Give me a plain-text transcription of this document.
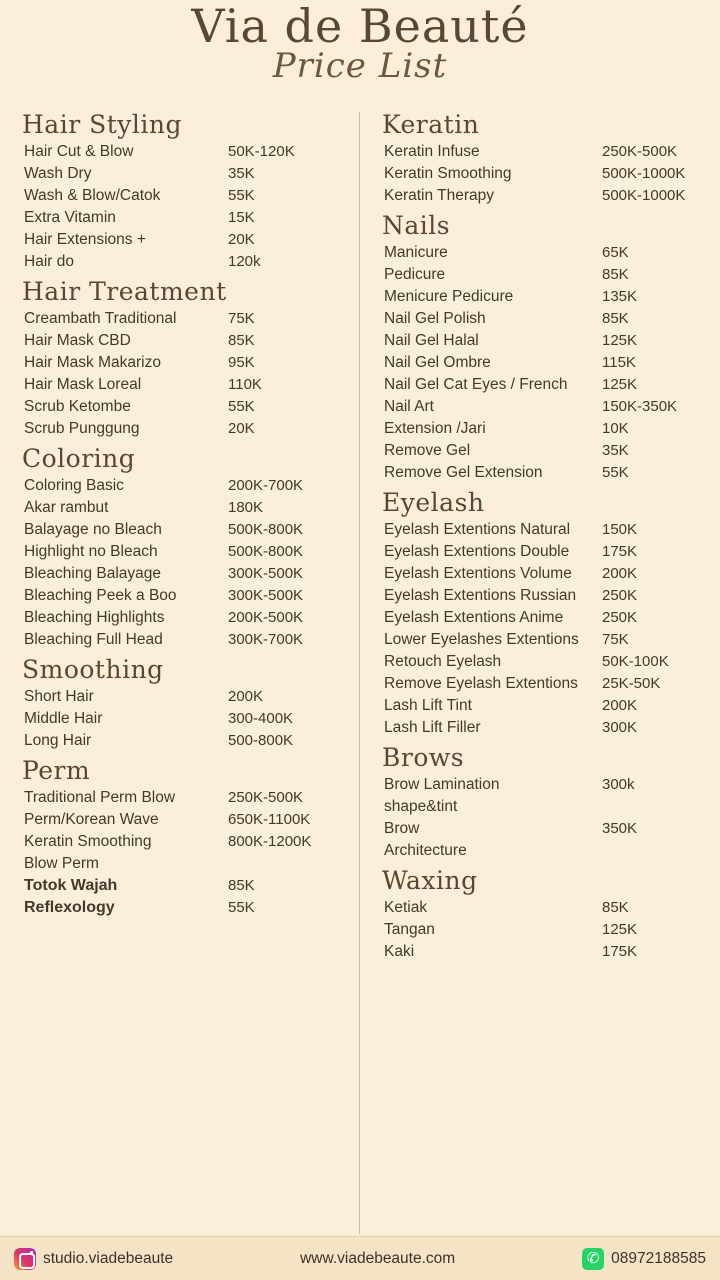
Via de Beauté
Price List
Hair Styling
Hair Cut & Blow	50K-120K
Wash Dry	35K
Wash & Blow/Catok	55K
Extra Vitamin	15K
Hair Extensions +	20K
Hair do	120k
Hair Treatment
Creambath Traditional	75K
Hair Mask CBD	85K
Hair Mask Makarizo	95K
Hair Mask Loreal	110K
Scrub Ketombe	55K
Scrub Punggung	20K
Coloring
Coloring Basic	200K-700K
Akar rambut	180K
Balayage no Bleach	500K-800K
Highlight no Bleach	500K-800K
Bleaching Balayage	300K-500K
Bleaching Peek a Boo	300K-500K
Bleaching Highlights	200K-500K
Bleaching Full Head	300K-700K
Smoothing
Short Hair	200K
Middle Hair	300-400K
Long Hair	500-800K
Perm
Traditional Perm Blow	250K-500K
Perm/Korean Wave	650K-1100K
Keratin Smoothing	800K-1200K
Blow Perm
Totok Wajah	85K
Reflexology	55K
Keratin
Keratin Infuse	250K-500K
Keratin Smoothing	500K-1000K
Keratin Therapy	500K-1000K
Nails
Manicure	65K
Pedicure	85K
Menicure Pedicure	135K
Nail Gel Polish	85K
Nail Gel Halal	125K
Nail Gel Ombre	115K
Nail Gel Cat Eyes / French	125K
Nail Art	150K-350K
Extension /Jari	10K
Remove Gel	35K
Remove Gel Extension	55K
Eyelash
Eyelash Extentions Natural	150K
Eyelash Extentions Double	175K
Eyelash Extentions Volume	200K
Eyelash Extentions Russian	250K
Eyelash Extentions Anime	250K
Lower Eyelashes Extentions	75K
Retouch Eyelash	50K-100K
Remove Eyelash Extentions	25K-50K
Lash Lift Tint	200K
Lash Lift Filler	300K
Brows
Brow Lamination	300k
shape&tint
Brow	350K
Architecture
Waxing
Ketiak	85K
Tangan	125K
Kaki	175K
studio.viadebeaute	www.viadebeaute.com	✆ 08972188585
